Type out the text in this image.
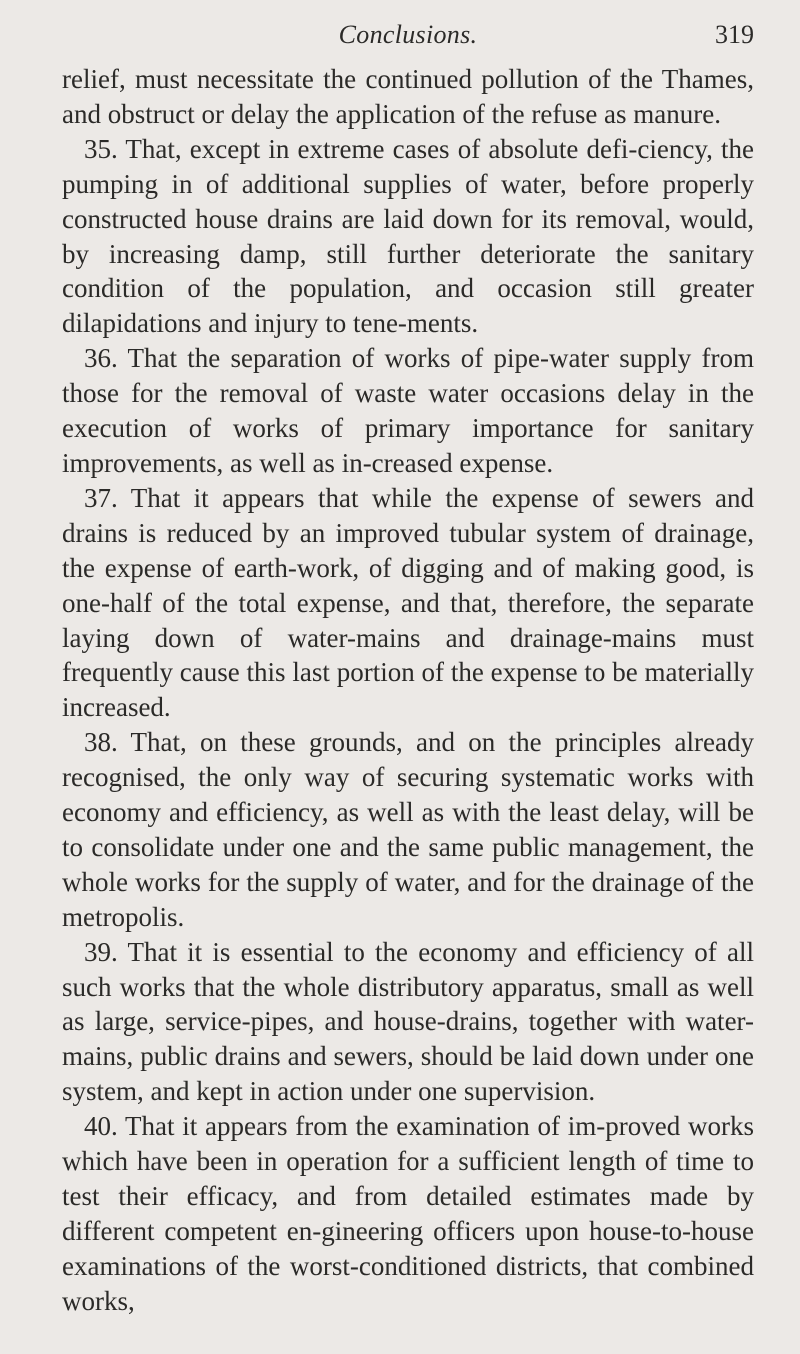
Conclusions.	319

relief, must necessitate the continued pollution of the Thames, and obstruct or delay the application of the refuse as manure.

35. That, except in extreme cases of absolute defi-ciency, the pumping in of additional supplies of water, before properly constructed house drains are laid down for its removal, would, by increasing damp, still further deteriorate the sanitary condition of the population, and occasion still greater dilapidations and injury to tene-ments.

36. That the separation of works of pipe-water supply from those for the removal of waste water occasions delay in the execution of works of primary importance for sanitary improvements, as well as in-creased expense.

37. That it appears that while the expense of sewers and drains is reduced by an improved tubular system of drainage, the expense of earth-work, of digging and of making good, is one-half of the total expense, and that, therefore, the separate laying down of water-mains and drainage-mains must frequently cause this last portion of the expense to be materially increased.

38. That, on these grounds, and on the principles already recognised, the only way of securing systematic works with economy and efficiency, as well as with the least delay, will be to consolidate under one and the same public management, the whole works for the supply of water, and for the drainage of the metropolis.

39. That it is essential to the economy and efficiency of all such works that the whole distributory apparatus, small as well as large, service-pipes, and house-drains, together with water-mains, public drains and sewers, should be laid down under one system, and kept in action under one supervision.

40. That it appears from the examination of im-proved works which have been in operation for a sufficient length of time to test their efficacy, and from detailed estimates made by different competent en-gineering officers upon house-to-house examinations of the worst-conditioned districts, that combined works,
